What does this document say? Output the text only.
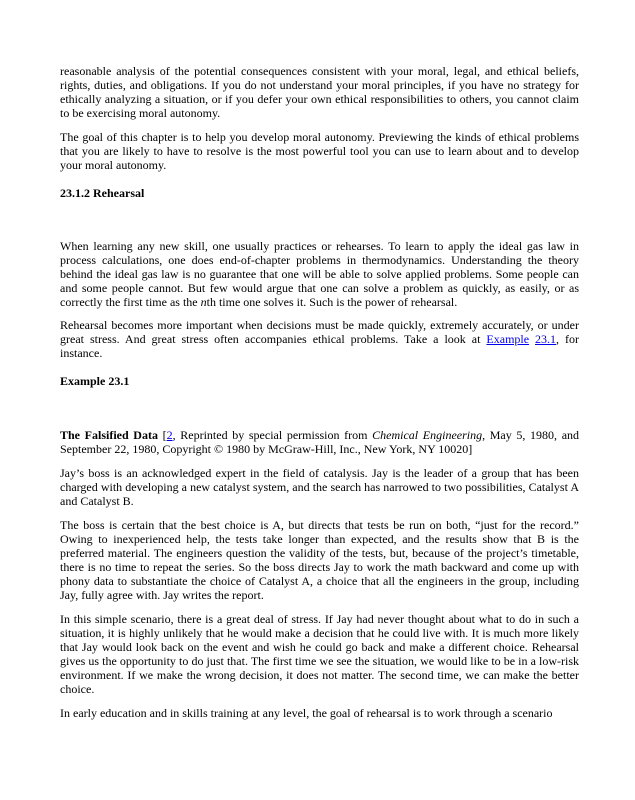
reasonable analysis of the potential consequences consistent with your moral, legal, and ethical beliefs, rights, duties, and obligations. If you do not understand your moral principles, if you have no strategy for ethically analyzing a situation, or if you defer your own ethical responsibilities to others, you cannot claim to be exercising moral autonomy.

The goal of this chapter is to help you develop moral autonomy. Previewing the kinds of ethical problems that you are likely to have to resolve is the most powerful tool you can use to learn about and to develop your moral autonomy.

23.1.2 Rehearsal

When learning any new skill, one usually practices or rehearses. To learn to apply the ideal gas law in process calculations, one does end-of-chapter problems in thermodynamics. Understanding the theory behind the ideal gas law is no guarantee that one will be able to solve applied problems. Some people can and some people cannot. But few would argue that one can solve a problem as quickly, as easily, or as correctly the first time as the nth time one solves it. Such is the power of rehearsal.

Rehearsal becomes more important when decisions must be made quickly, extremely accurately, or under great stress. And great stress often accompanies ethical problems. Take a look at Example 23.1, for instance.

Example 23.1

The Falsified Data [2, Reprinted by special permission from Chemical Engineering, May 5, 1980, and September 22, 1980, Copyright © 1980 by McGraw-Hill, Inc., New York, NY 10020]

Jay’s boss is an acknowledged expert in the field of catalysis. Jay is the leader of a group that has been charged with developing a new catalyst system, and the search has narrowed to two possibilities, Catalyst A and Catalyst B.

The boss is certain that the best choice is A, but directs that tests be run on both, “just for the record.” Owing to inexperienced help, the tests take longer than expected, and the results show that B is the preferred material. The engineers question the validity of the tests, but, because of the project’s timetable, there is no time to repeat the series. So the boss directs Jay to work the math backward and come up with phony data to substantiate the choice of Catalyst A, a choice that all the engineers in the group, including Jay, fully agree with. Jay writes the report.

In this simple scenario, there is a great deal of stress. If Jay had never thought about what to do in such a situation, it is highly unlikely that he would make a decision that he could live with. It is much more likely that Jay would look back on the event and wish he could go back and make a different choice. Rehearsal gives us the opportunity to do just that. The first time we see the situation, we would like to be in a low-risk environment. If we make the wrong decision, it does not matter. The second time, we can make the better choice.

In early education and in skills training at any level, the goal of rehearsal is to work through a scenario
